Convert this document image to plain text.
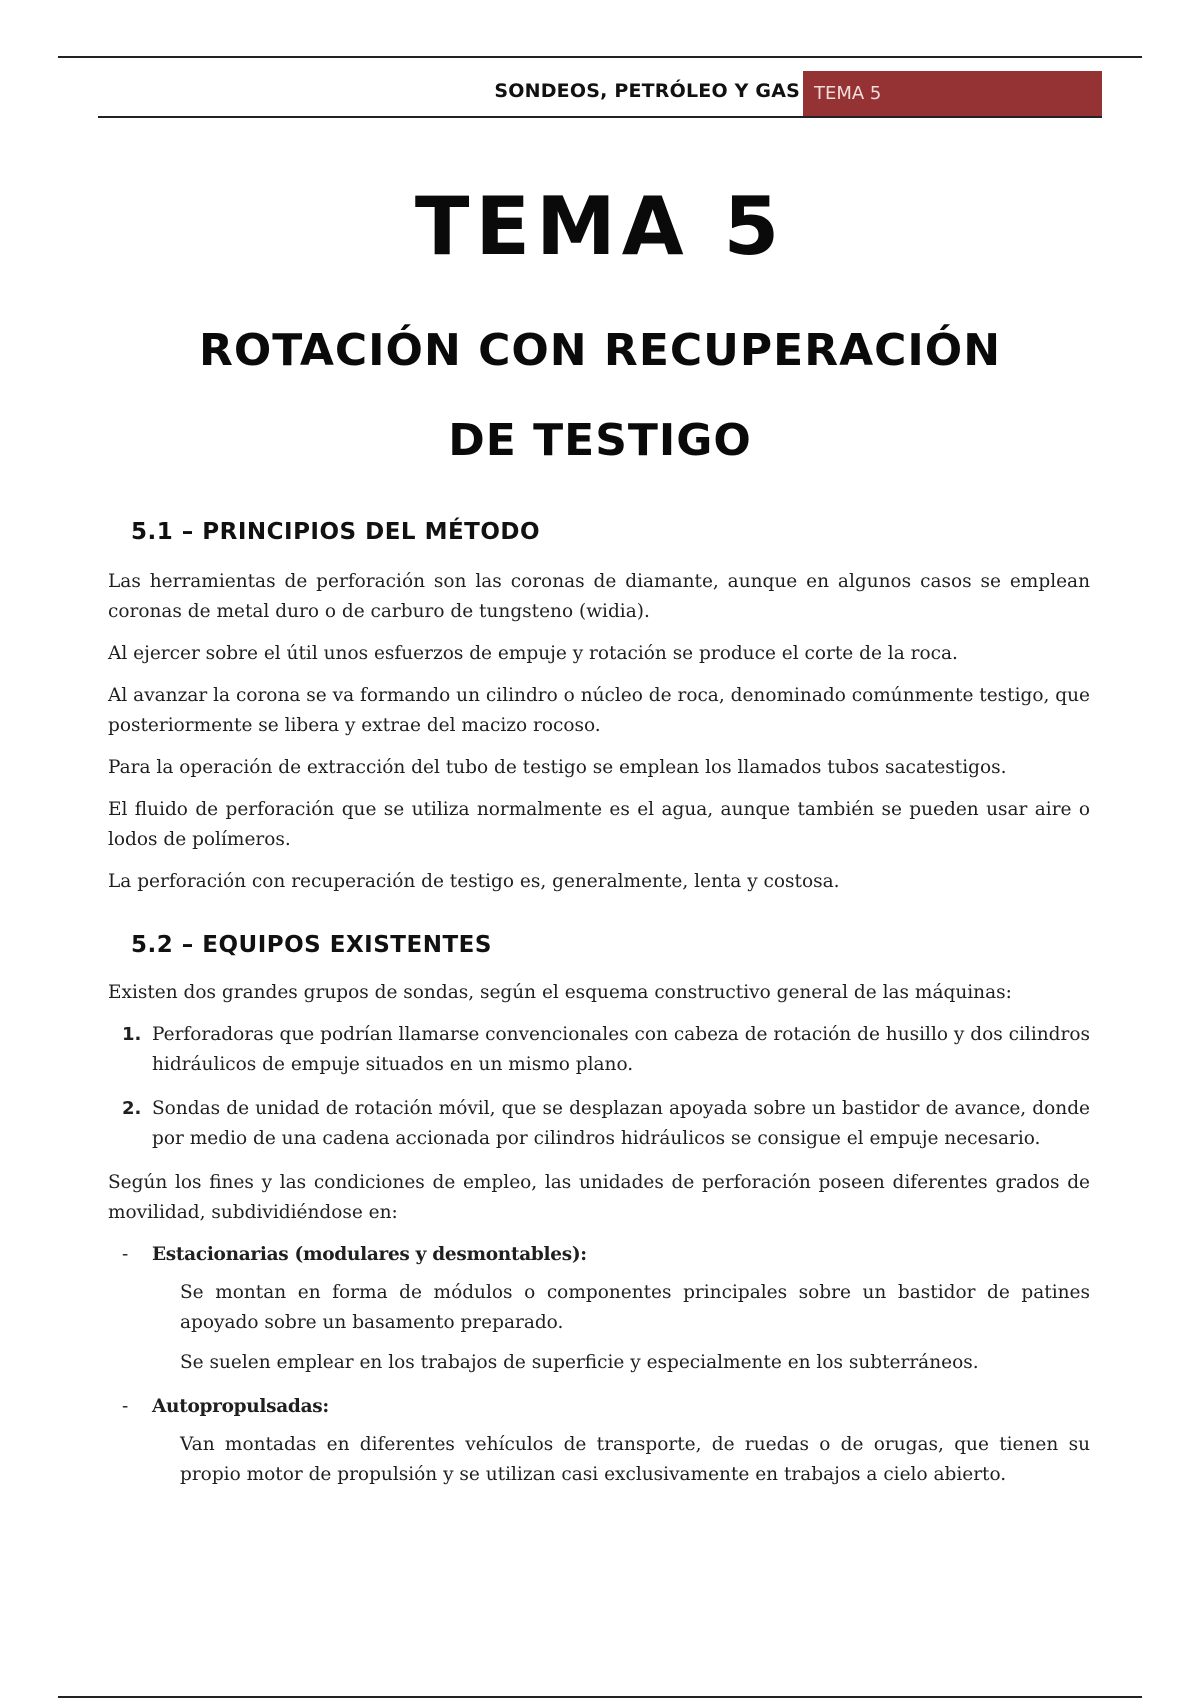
SONDEOS, PETRÓLEO Y GAS TEMA 5
TEMA 5
ROTACIÓN CON RECUPERACIÓN
DE TESTIGO
5.1 – PRINCIPIOS DEL MÉTODO

Las herramientas de perforación son las coronas de diamante, aunque en algunos casos se emplean coronas de metal duro o de carburo de tungsteno (widia).

Al ejercer sobre el útil unos esfuerzos de empuje y rotación se produce el corte de la roca.

Al avanzar la corona se va formando un cilindro o núcleo de roca, denominado comúnmente testigo, que posteriormente se libera y extrae del macizo rocoso.

Para la operación de extracción del tubo de testigo se emplean los llamados tubos sacatestigos.

El fluido de perforación que se utiliza normalmente es el agua, aunque también se pueden usar aire o lodos de polímeros.

La perforación con recuperación de testigo es, generalmente, lenta y costosa.

5.2 – EQUIPOS EXISTENTES

Existen dos grandes grupos de sondas, según el esquema constructivo general de las máquinas:

1. Perforadoras que podrían llamarse convencionales con cabeza de rotación de husillo y dos cilindros hidráulicos de empuje situados en un mismo plano.
2. Sondas de unidad de rotación móvil, que se desplazan apoyada sobre un bastidor de avance, donde por medio de una cadena accionada por cilindros hidráulicos se consigue el empuje necesario.

Según los fines y las condiciones de empleo, las unidades de perforación poseen diferentes grados de movilidad, subdividiéndose en:

- Estacionarias (modulares y desmontables):

Se montan en forma de módulos o componentes principales sobre un bastidor de patines apoyado sobre un basamento preparado.

Se suelen emplear en los trabajos de superficie y especialmente en los subterráneos.

- Autopropulsadas:

Van montadas en diferentes vehículos de transporte, de ruedas o de orugas, que tienen su propio motor de propulsión y se utilizan casi exclusivamente en trabajos a cielo abierto.
